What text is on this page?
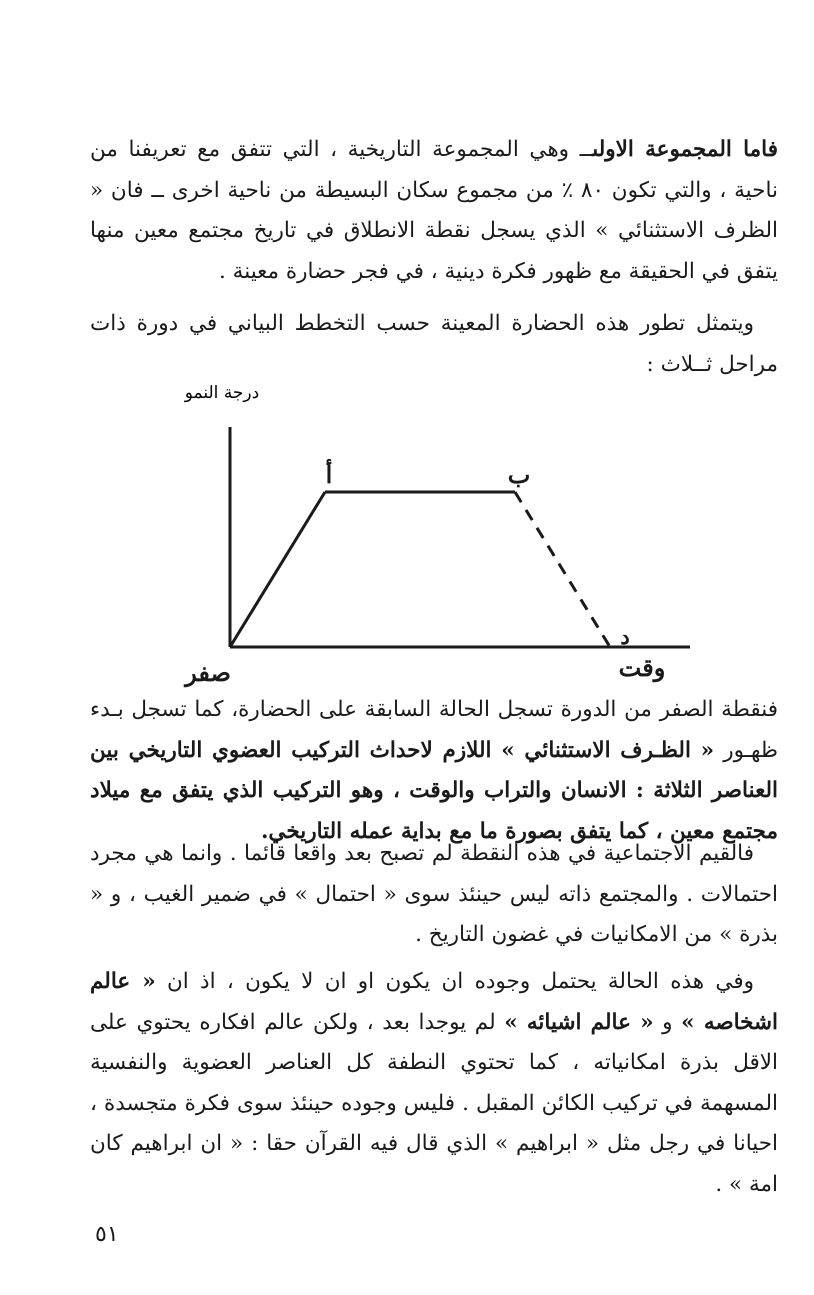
فاما المجموعة الاولىــ وهي المجموعة التاريخية ، التي تتفق مع تعريفنا من ناحية ، والتي تكون ٨٠ ٪ من مجموع سكان البسيطة من ناحية اخرى ــ فان « الظرف الاستثنائي » الذي يسجل نقطة الانطلاق في تاريخ مجتمع معين منها يتفق في الحقيقة مع ظهور فكرة دينية ، في فجر حضارة معينة .

ويتمثل تطور هذه الحضارة المعينة حسب التخطط البياني في دورة ذات مراحل ثــلاث :

درجة النمو
صفر
أ	ب
د
وقت

فنقطة الصفر من الدورة تسجل الحالة السابقة على الحضارة، كما تسجل بـدء ظهـور « الظـرف الاستثنائي » اللازم لاحداث التركيب العضوي التاريخي بين العناصر الثلاثة : الانسان والتراب والوقت ، وهو التركيب الذي يتفق مع ميلاد مجتمع معين ، كما يتفق بصورة ما مع بداية عمله التاريخي.

فالقيم الاجتماعية في هذه النقطة لم تصبح بعد واقعا قائما . وانما هي مجرد احتمالات . والمجتمع ذاته ليس حينئذ سوى « احتمال » في ضمير الغيب ، و « بذرة » من الامكانيات في غضون التاريخ .

وفي هذه الحالة يحتمل وجوده ان يكون او ان لا يكون ، اذ ان « عالم اشخاصه » و « عالم اشيائه » لم يوجدا بعد ، ولكن عالم افكاره يحتوي على الاقل بذرة امكانياته ، كما تحتوي النطفة كل العناصر العضوية والنفسية المسهمة في تركيب الكائن المقبل . فليس وجوده حينئذ سوى فكرة متجسدة ، احيانا في رجل مثل « ابراهيم » الذي قال فيه القرآن حقا : « ان ابراهيم كان امة » .

٥١
